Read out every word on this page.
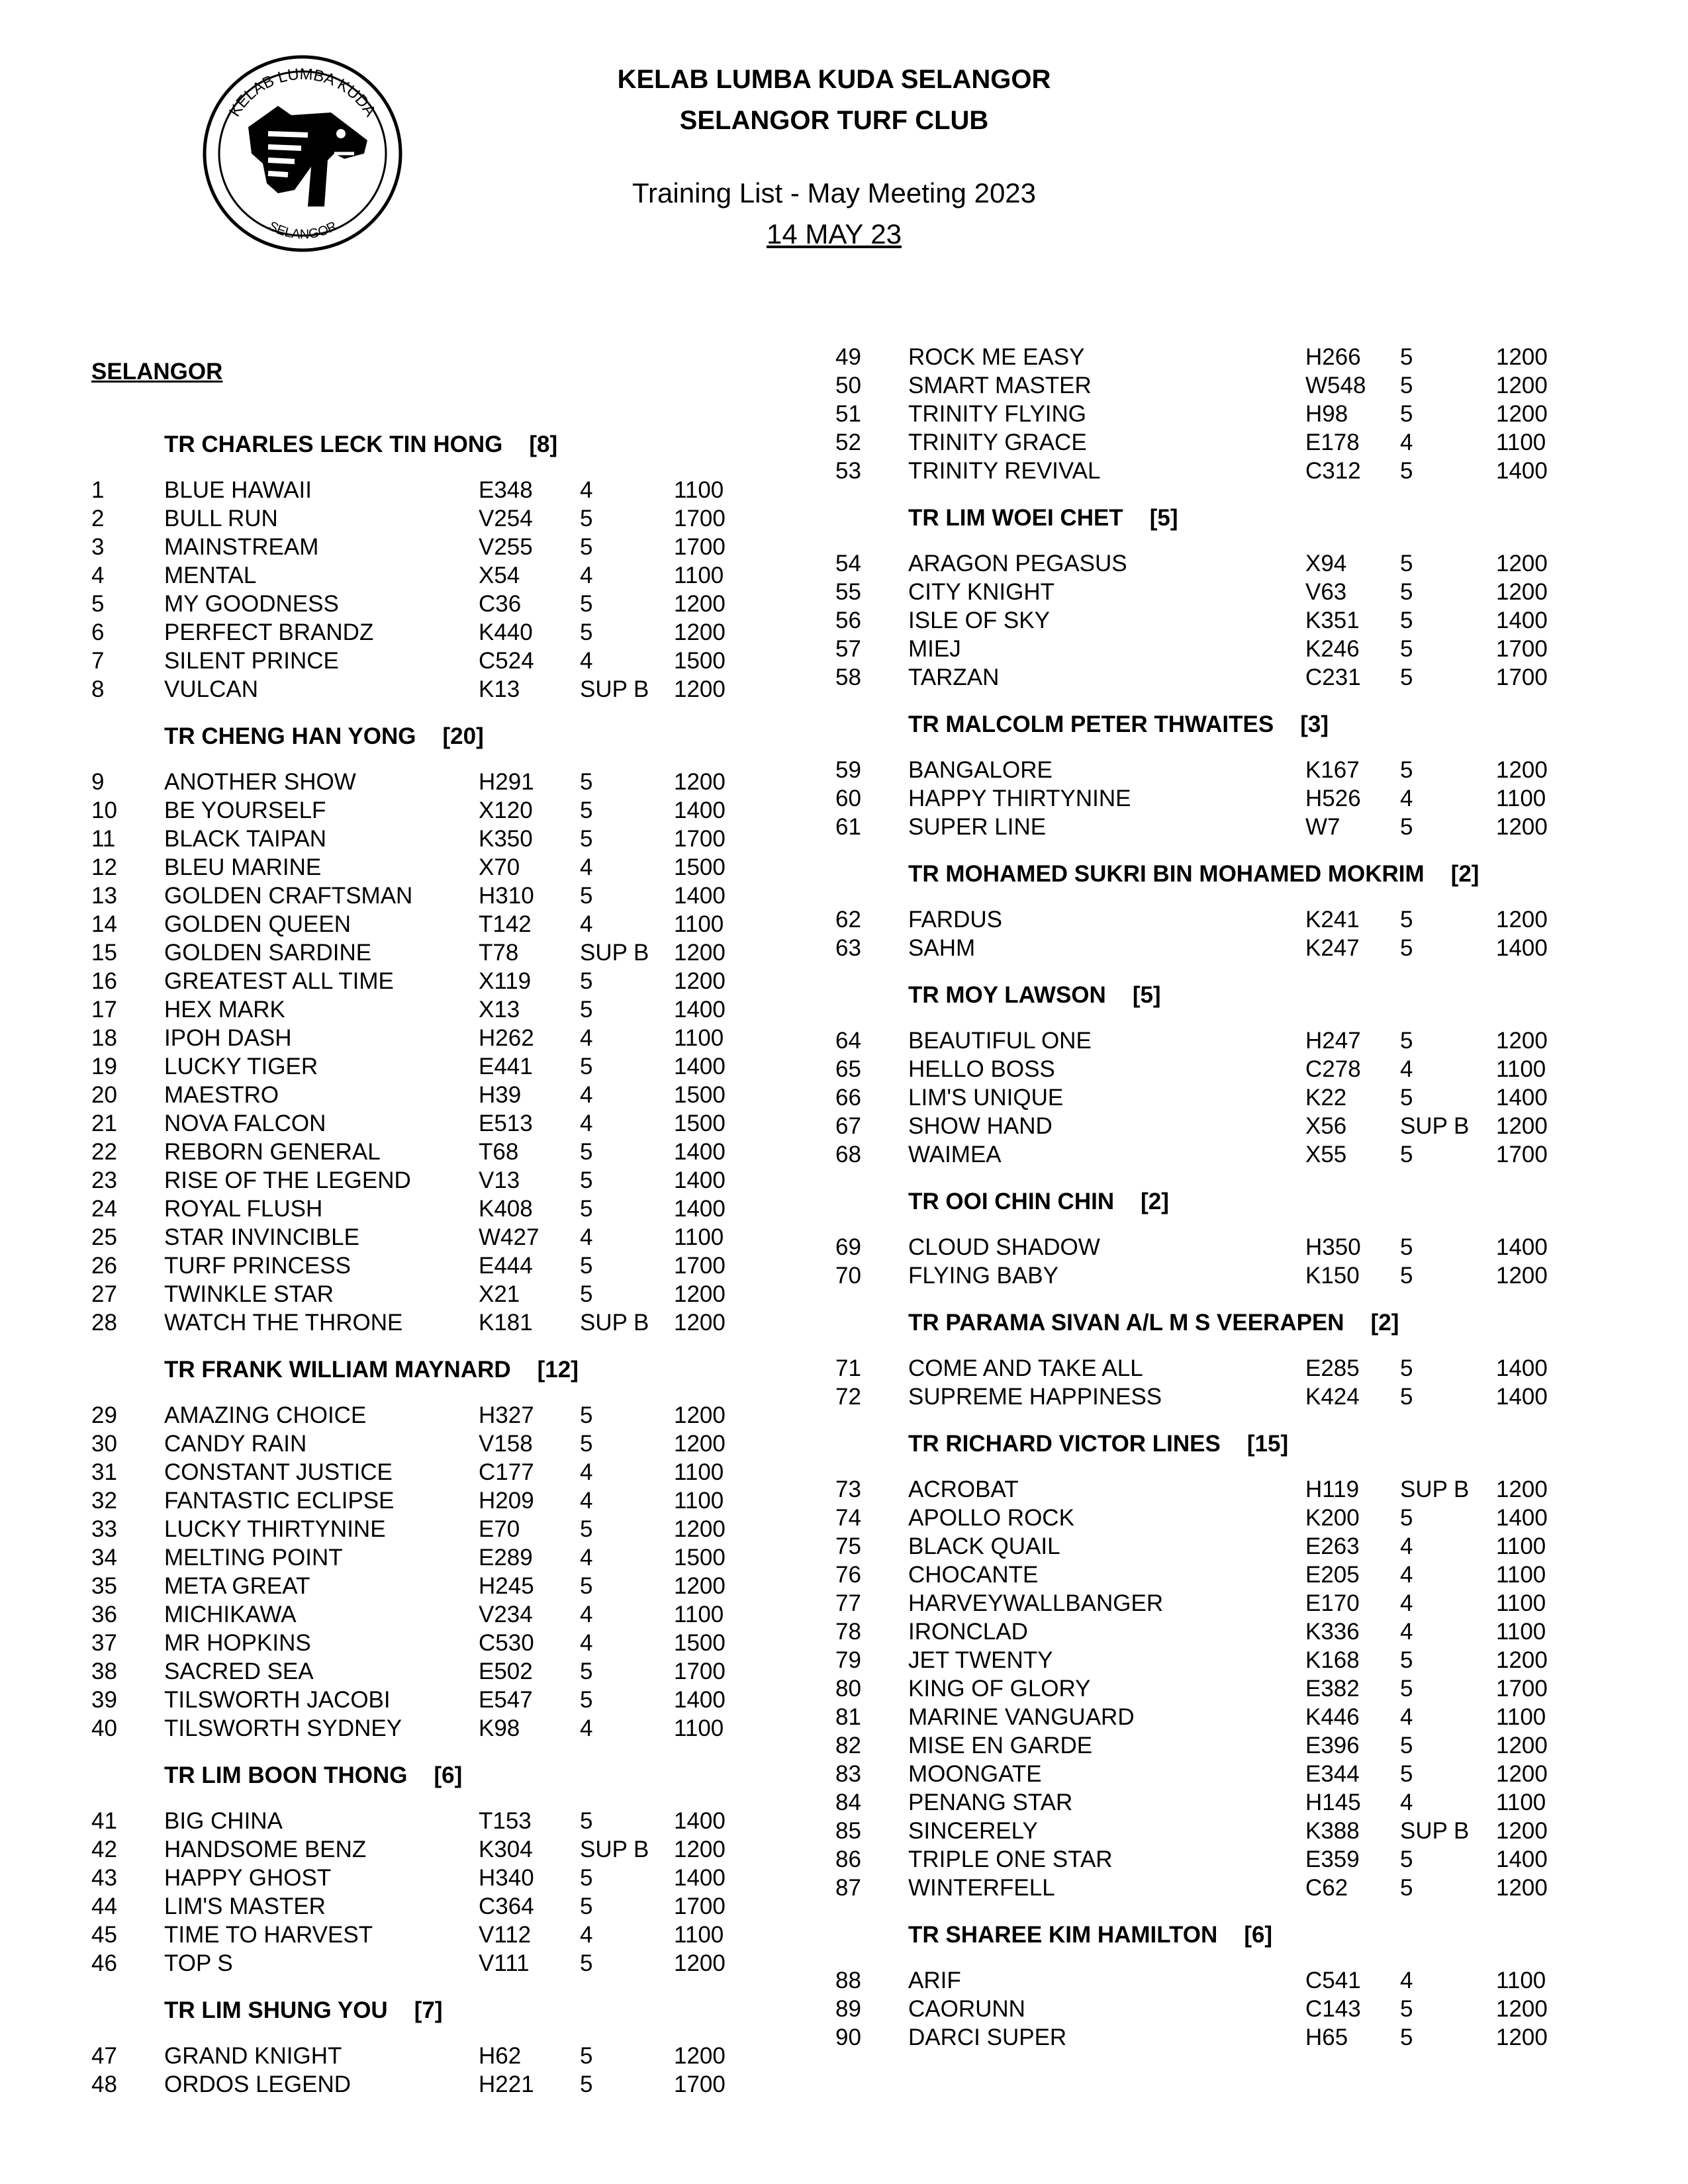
KELAB LUMBA KUDA
SELANGOR
KELAB LUMBA KUDA SELANGOR
SELANGOR TURF CLUB
Training List - May Meeting 2023
14 MAY 23
SELANGOR
TR CHARLES LECK TIN HONG [8]
1	BLUE HAWAII	E348	4	1100
2	BULL RUN	V254	5	1700
3	MAINSTREAM	V255	5	1700
4	MENTAL	X54	4	1100
5	MY GOODNESS	C36	5	1200
6	PERFECT BRANDZ	K440	5	1200
7	SILENT PRINCE	C524	4	1500
8	VULCAN	K13	SUP B	1200
TR CHENG HAN YONG [20]
9	ANOTHER SHOW	H291	5	1200
10	BE YOURSELF	X120	5	1400
11	BLACK TAIPAN	K350	5	1700
12	BLEU MARINE	X70	4	1500
13	GOLDEN CRAFTSMAN	H310	5	1400
14	GOLDEN QUEEN	T142	4	1100
15	GOLDEN SARDINE	T78	SUP B	1200
16	GREATEST ALL TIME	X119	5	1200
17	HEX MARK	X13	5	1400
18	IPOH DASH	H262	4	1100
19	LUCKY TIGER	E441	5	1400
20	MAESTRO	H39	4	1500
21	NOVA FALCON	E513	4	1500
22	REBORN GENERAL	T68	5	1400
23	RISE OF THE LEGEND	V13	5	1400
24	ROYAL FLUSH	K408	5	1400
25	STAR INVINCIBLE	W427	4	1100
26	TURF PRINCESS	E444	5	1700
27	TWINKLE STAR	X21	5	1200
28	WATCH THE THRONE	K181	SUP B	1200
TR FRANK WILLIAM MAYNARD [12]
29	AMAZING CHOICE	H327	5	1200
30	CANDY RAIN	V158	5	1200
31	CONSTANT JUSTICE	C177	4	1100
32	FANTASTIC ECLIPSE	H209	4	1100
33	LUCKY THIRTYNINE	E70	5	1200
34	MELTING POINT	E289	4	1500
35	META GREAT	H245	5	1200
36	MICHIKAWA	V234	4	1100
37	MR HOPKINS	C530	4	1500
38	SACRED SEA	E502	5	1700
39	TILSWORTH JACOBI	E547	5	1400
40	TILSWORTH SYDNEY	K98	4	1100
TR LIM BOON THONG [6]
41	BIG CHINA	T153	5	1400
42	HANDSOME BENZ	K304	SUP B	1200
43	HAPPY GHOST	H340	5	1400
44	LIM'S MASTER	C364	5	1700
45	TIME TO HARVEST	V112	4	1100
46	TOP S	V111	5	1200
TR LIM SHUNG YOU [7]
47	GRAND KNIGHT	H62	5	1200
48	ORDOS LEGEND	H221	5	1700
49	ROCK ME EASY	H266	5	1200
50	SMART MASTER	W548	5	1200
51	TRINITY FLYING	H98	5	1200
52	TRINITY GRACE	E178	4	1100
53	TRINITY REVIVAL	C312	5	1400
TR LIM WOEI CHET [5]
54	ARAGON PEGASUS	X94	5	1200
55	CITY KNIGHT	V63	5	1200
56	ISLE OF SKY	K351	5	1400
57	MIEJ	K246	5	1700
58	TARZAN	C231	5	1700
TR MALCOLM PETER THWAITES [3]
59	BANGALORE	K167	5	1200
60	HAPPY THIRTYNINE	H526	4	1100
61	SUPER LINE	W7	5	1200
TR MOHAMED SUKRI BIN MOHAMED MOKRIM [2]
62	FARDUS	K241	5	1200
63	SAHM	K247	5	1400
TR MOY LAWSON [5]
64	BEAUTIFUL ONE	H247	5	1200
65	HELLO BOSS	C278	4	1100
66	LIM'S UNIQUE	K22	5	1400
67	SHOW HAND	X56	SUP B	1200
68	WAIMEA	X55	5	1700
TR OOI CHIN CHIN [2]
69	CLOUD SHADOW	H350	5	1400
70	FLYING BABY	K150	5	1200
TR PARAMA SIVAN A/L M S VEERAPEN [2]
71	COME AND TAKE ALL	E285	5	1400
72	SUPREME HAPPINESS	K424	5	1400
TR RICHARD VICTOR LINES [15]
73	ACROBAT	H119	SUP B	1200
74	APOLLO ROCK	K200	5	1400
75	BLACK QUAIL	E263	4	1100
76	CHOCANTE	E205	4	1100
77	HARVEYWALLBANGER	E170	4	1100
78	IRONCLAD	K336	4	1100
79	JET TWENTY	K168	5	1200
80	KING OF GLORY	E382	5	1700
81	MARINE VANGUARD	K446	4	1100
82	MISE EN GARDE	E396	5	1200
83	MOONGATE	E344	5	1200
84	PENANG STAR	H145	4	1100
85	SINCERELY	K388	SUP B	1200
86	TRIPLE ONE STAR	E359	5	1400
87	WINTERFELL	C62	5	1200
TR SHAREE KIM HAMILTON [6]
88	ARIF	C541	4	1100
89	CAORUNN	C143	5	1200
90	DARCI SUPER	H65	5	1200
